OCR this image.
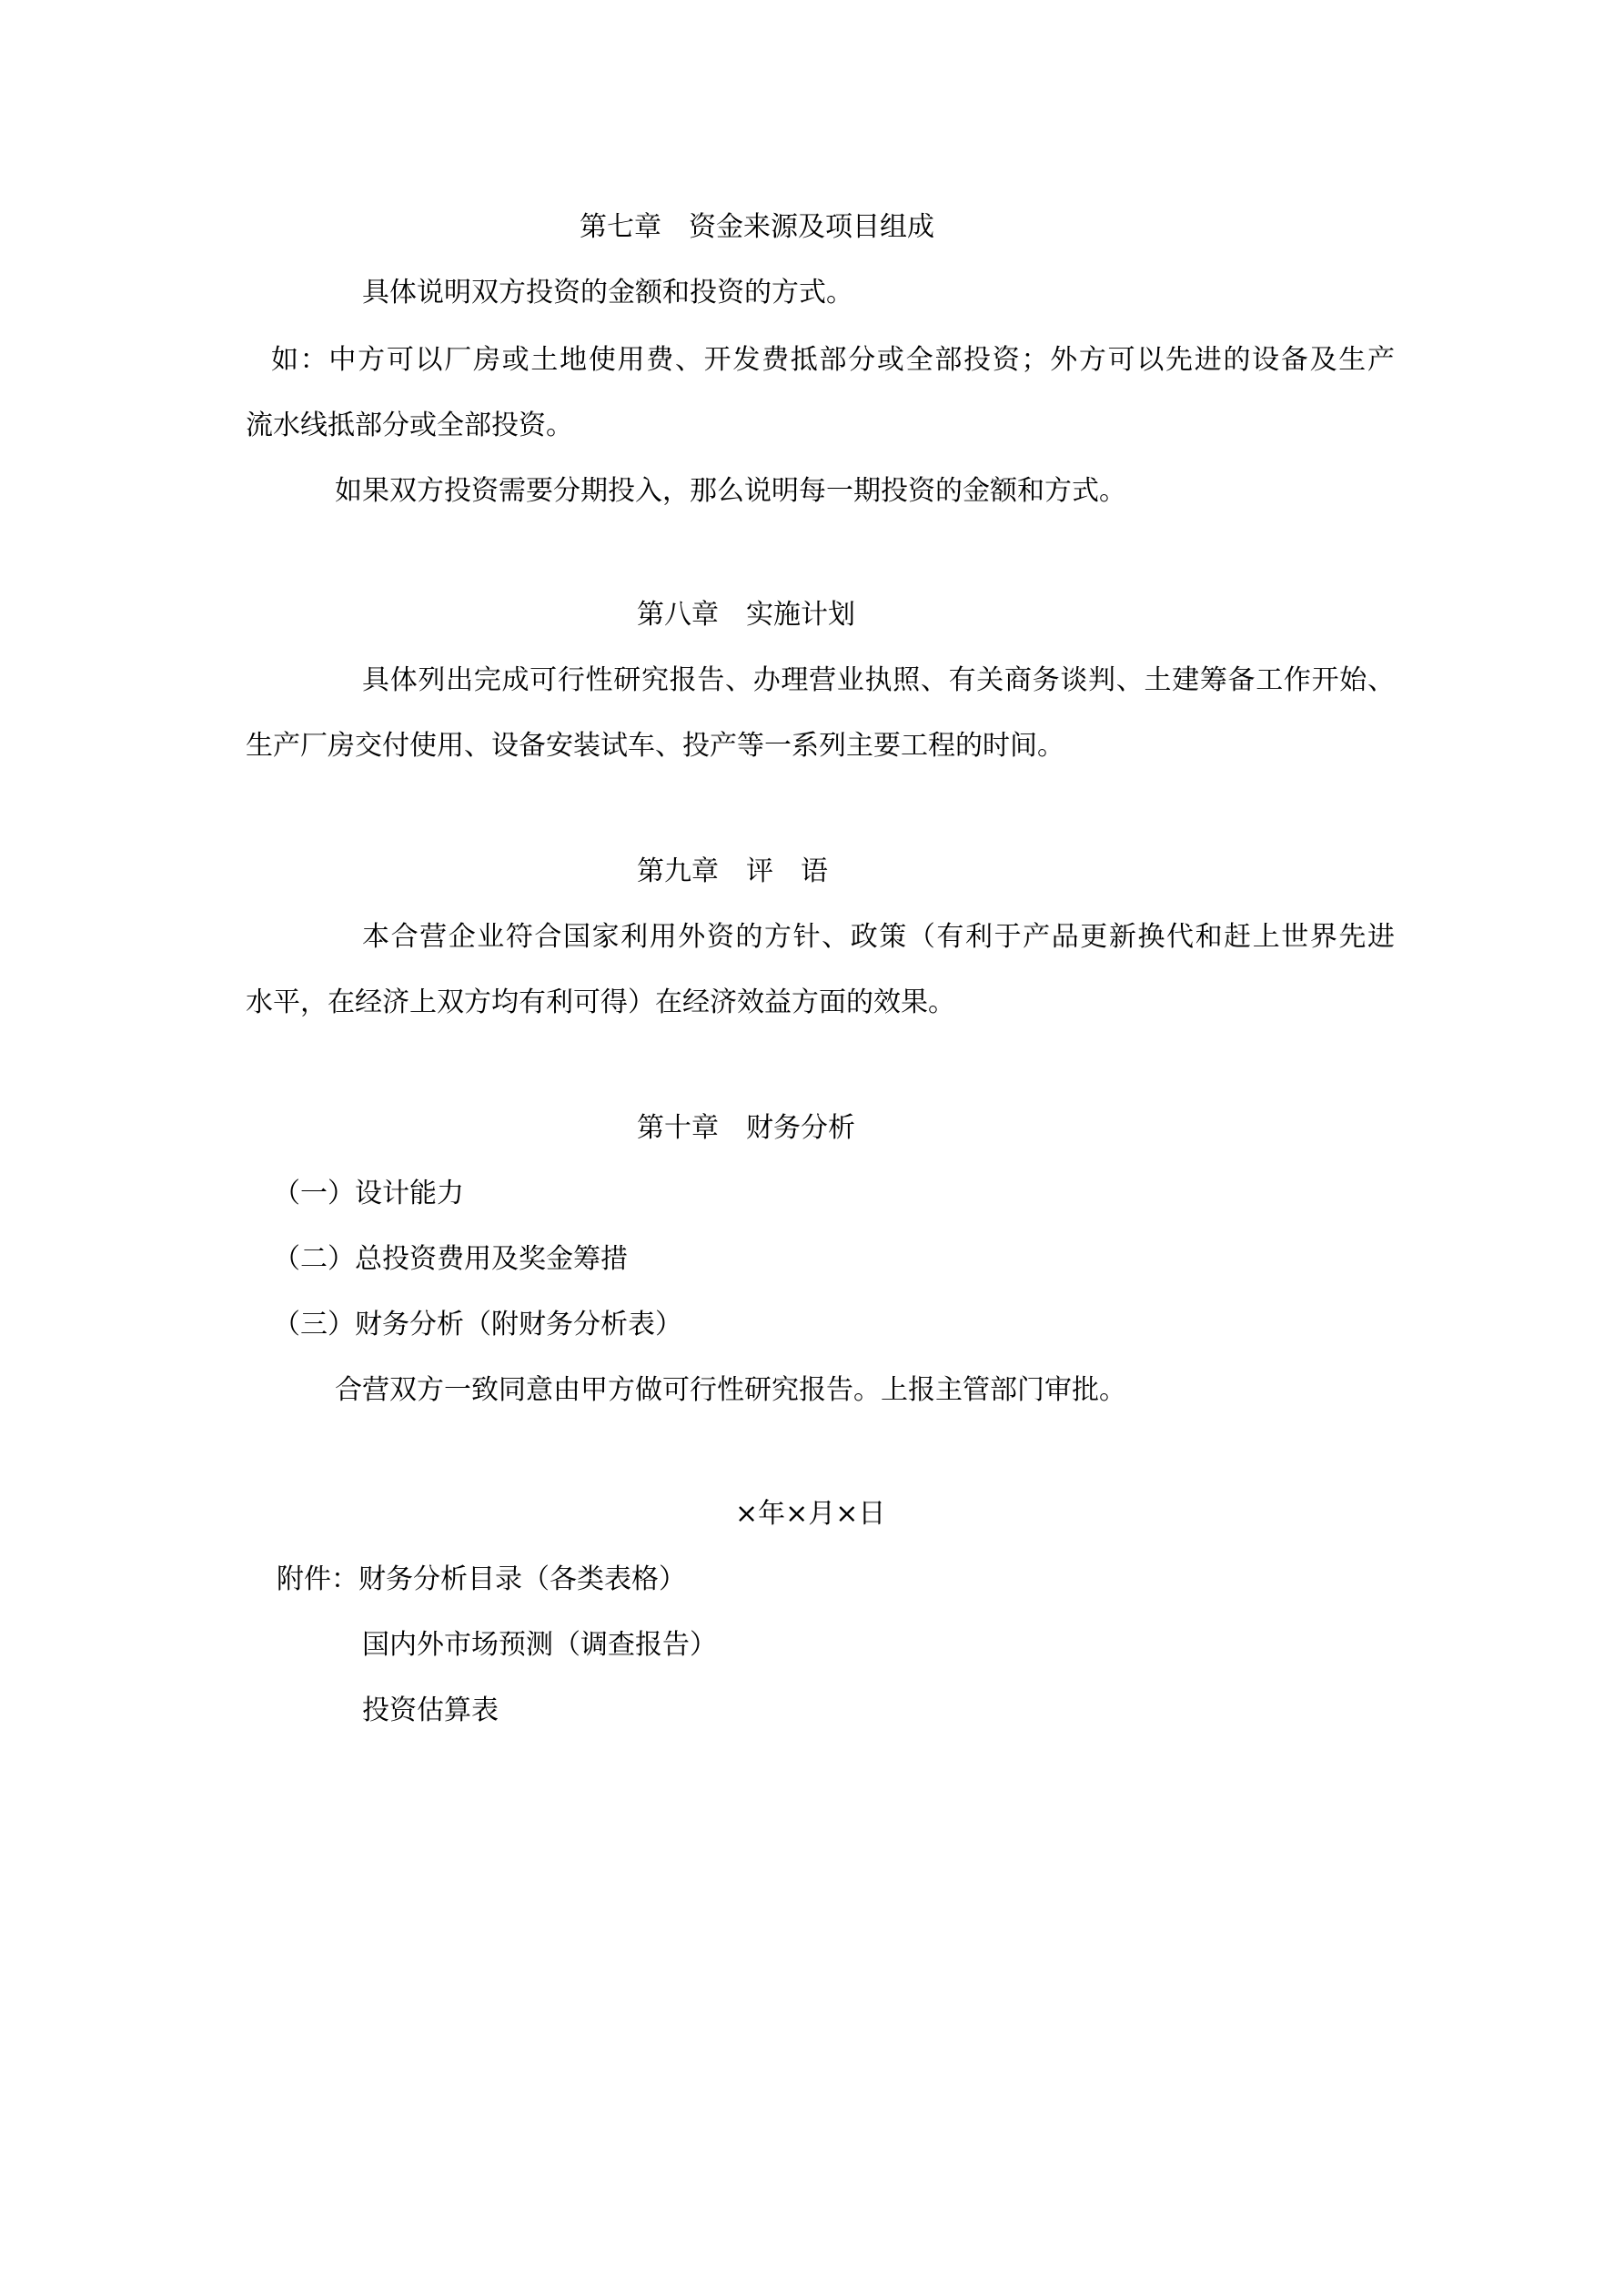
第七章　资金来源及项目组成

具体说明双方投资的金额和投资的方式。

如：中方可以厂房或土地使用费、开发费抵部分或全部投资；外方可以先进的设备及生产

流水线抵部分或全部投资。

如果双方投资需要分期投入，那么说明每一期投资的金额和方式。

第八章　实施计划

具体列出完成可行性研究报告、办理营业执照、有关商务谈判、土建筹备工作开始、

生产厂房交付使用、设备安装试车、投产等一系列主要工程的时间。

第九章　评　语

本合营企业符合国家利用外资的方针、政策（有利于产品更新换代和赶上世界先进

水平，在经济上双方均有利可得）在经济效益方面的效果。

第十章　财务分析

（一）设计能力

（二）总投资费用及奖金筹措

（三）财务分析（附财务分析表）

合营双方一致同意由甲方做可行性研究报告。上报主管部门审批。

×年×月×日

附件：财务分析目录（各类表格）

国内外市场预测（调查报告）

投资估算表
